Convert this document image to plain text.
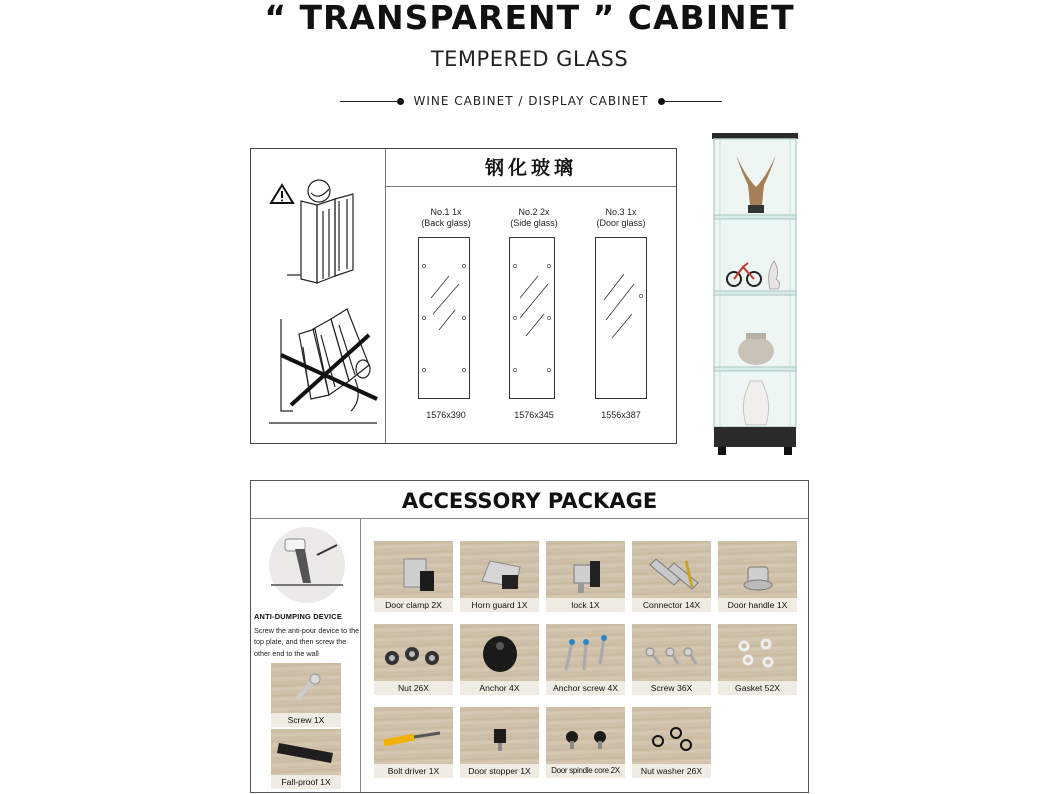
“ TRANSPARENT ” CABINET
TEMPERED GLASS
WINE CABINET / DISPLAY CABINET
钢化玻璃
No.1 1x
(Back glass)
1576x390
No.2 2x
(Side glass)
1576x345
No.3 1x
(Door glass)
1556x387
ACCESSORY PACKAGE
ANTI-DUMPING DEVICE
Screw the anti-pour device to the top plate, and then screw the other end to the wall
Screw 1X
Fall-proof 1X
Door clamp 2X	Horn guard 1X	lock 1X	Connector 14X	Door handle 1X
Nut 26X	Anchor 4X	Anchor screw 4X	Screw 36X	Gasket 52X
Bolt driver 1X	Door stopper 1X	Door spindle core 2X	Nut washer 26X
